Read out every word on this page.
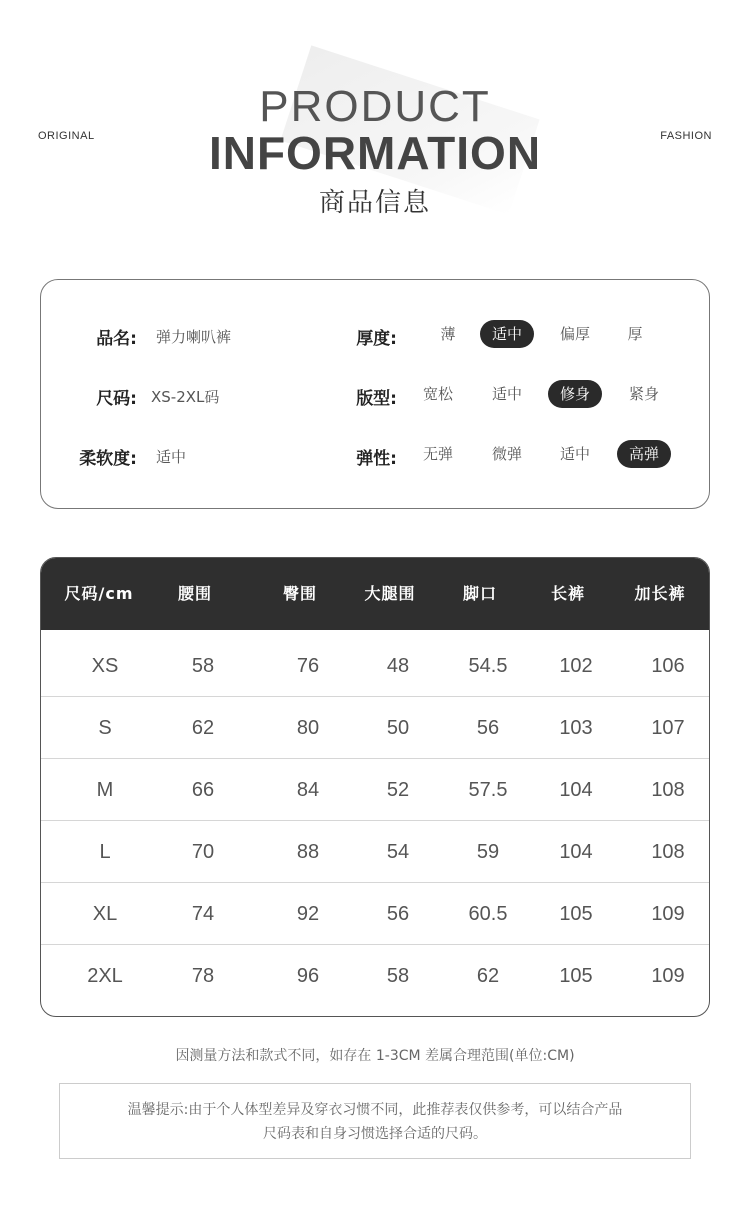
ORIGINAL	FASHION
PRODUCT
INFORMATION
商品信息
品名: 弹力喇叭裤	厚度:	薄	适中	偏厚	厚
尺码: XS-2XL码	版型:	宽松	适中	修身	紧身
柔软度: 适中	弹性:	无弹	微弹	适中	高弹
尺码/cm	腰围	臀围	大腿围	脚口	长裤	加长裤
XS	58	76	48	54.5	102	106
S	62	80	50	56	103	107
M	66	84	52	57.5	104	108
L	70	88	54	59	104	108
XL	74	92	56	60.5	105	109
2XL	78	96	58	62	105	109
因测量方法和款式不同，如存在 1-3CM 差属合理范围(单位:CM)
温馨提示:由于个人体型差异及穿衣习惯不同，此推荐表仅供参考，可以结合产品
尺码表和自身习惯选择合适的尺码。
